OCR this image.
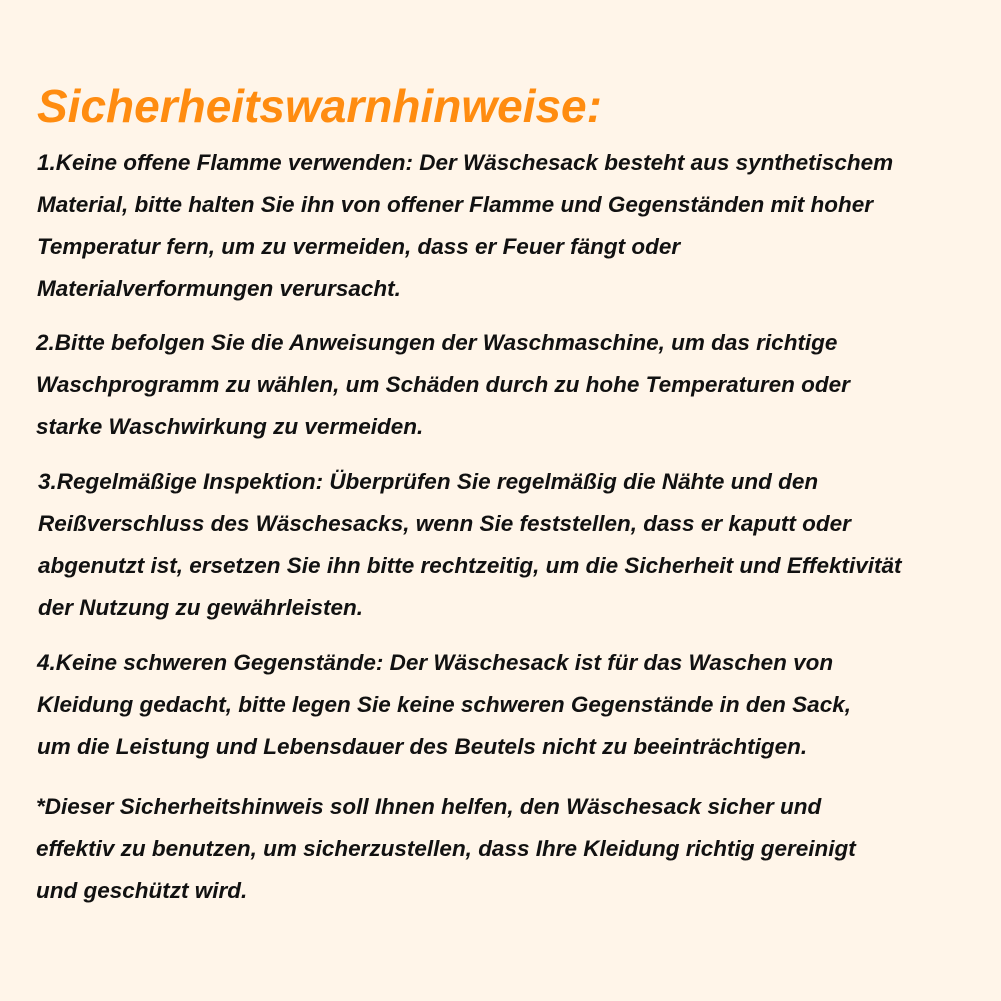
Sicherheitswarnhinweise:

1.Keine offene Flamme verwenden: Der Wäschesack besteht aus synthetischem
Material, bitte halten Sie ihn von offener Flamme und Gegenständen mit hoher
Temperatur fern, um zu vermeiden, dass er Feuer fängt oder
Materialverformungen verursacht.

2.Bitte befolgen Sie die Anweisungen der Waschmaschine, um das richtige
Waschprogramm zu wählen, um Schäden durch zu hohe Temperaturen oder
starke Waschwirkung zu vermeiden.

3.Regelmäßige Inspektion: Überprüfen Sie regelmäßig die Nähte und den
Reißverschluss des Wäschesacks, wenn Sie feststellen, dass er kaputt oder
abgenutzt ist, ersetzen Sie ihn bitte rechtzeitig, um die Sicherheit und Effektivität
der Nutzung zu gewährleisten.

4.Keine schweren Gegenstände: Der Wäschesack ist für das Waschen von
Kleidung gedacht, bitte legen Sie keine schweren Gegenstände in den Sack,
um die Leistung und Lebensdauer des Beutels nicht zu beeinträchtigen.

*Dieser Sicherheitshinweis soll Ihnen helfen, den Wäschesack sicher und
effektiv zu benutzen, um sicherzustellen, dass Ihre Kleidung richtig gereinigt
und geschützt wird.
